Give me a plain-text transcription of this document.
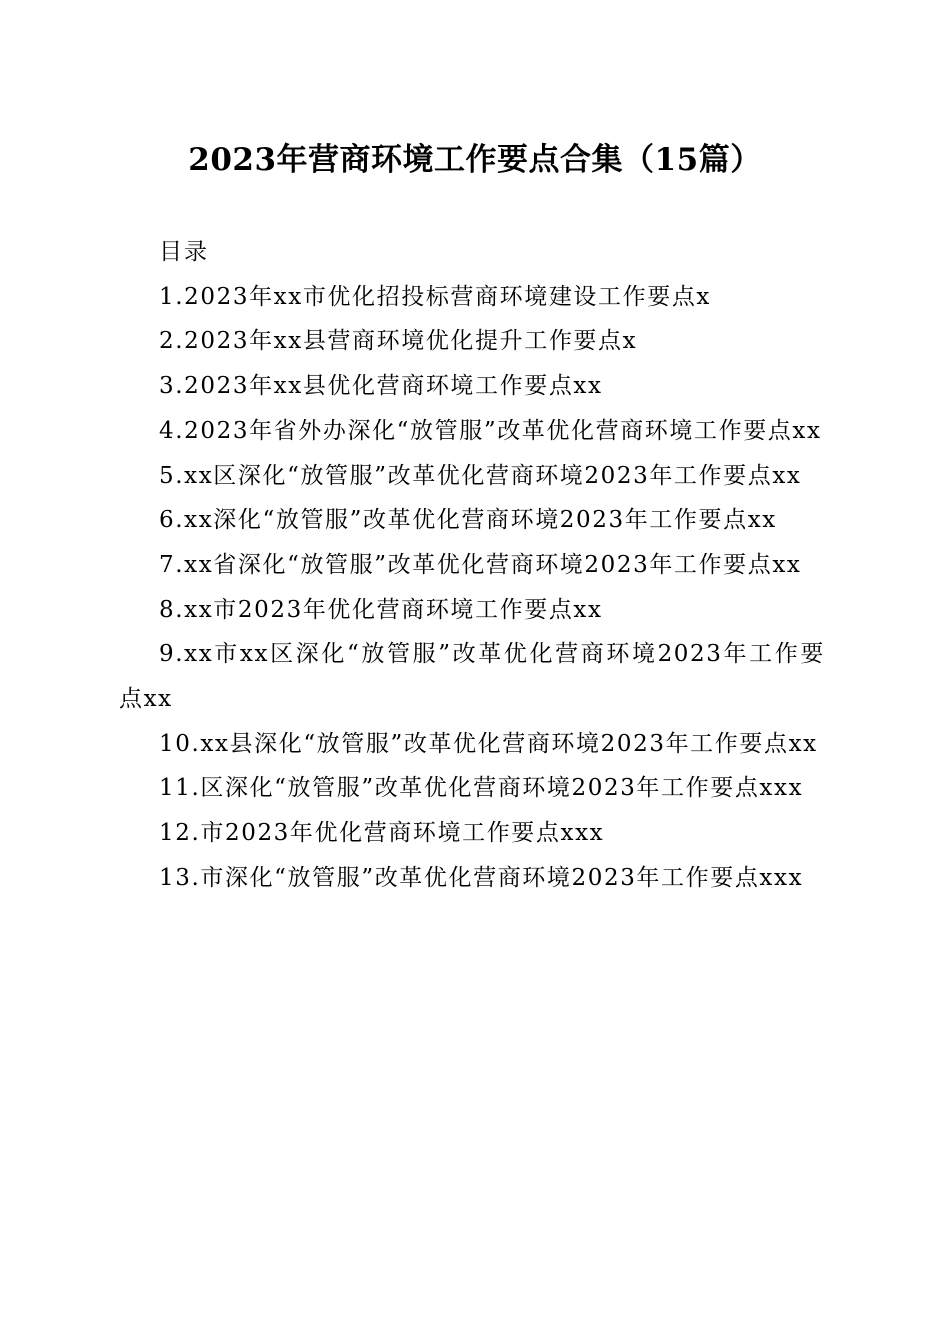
2023年营商环境工作要点合集（15篇）
目录
1.2023年xx市优化招投标营商环境建设工作要点x
2.2023年xx县营商环境优化提升工作要点x
3.2023年xx县优化营商环境工作要点xx
4.2023年省外办深化“放管服”改革优化营商环境工作要点xx
5.xx区深化“放管服”改革优化营商环境2023年工作要点xx
6.xx深化“放管服”改革优化营商环境2023年工作要点xx
7.xx省深化“放管服”改革优化营商环境2023年工作要点xx
8.xx市2023年优化营商环境工作要点xx
9.xx市xx区深化“放管服”改革优化营商环境2023年工作要点xx
10.xx县深化“放管服”改革优化营商环境2023年工作要点xx
11.区深化“放管服”改革优化营商环境2023年工作要点xxx
12.市2023年优化营商环境工作要点xxx
13.市深化“放管服”改革优化营商环境2023年工作要点xxx
